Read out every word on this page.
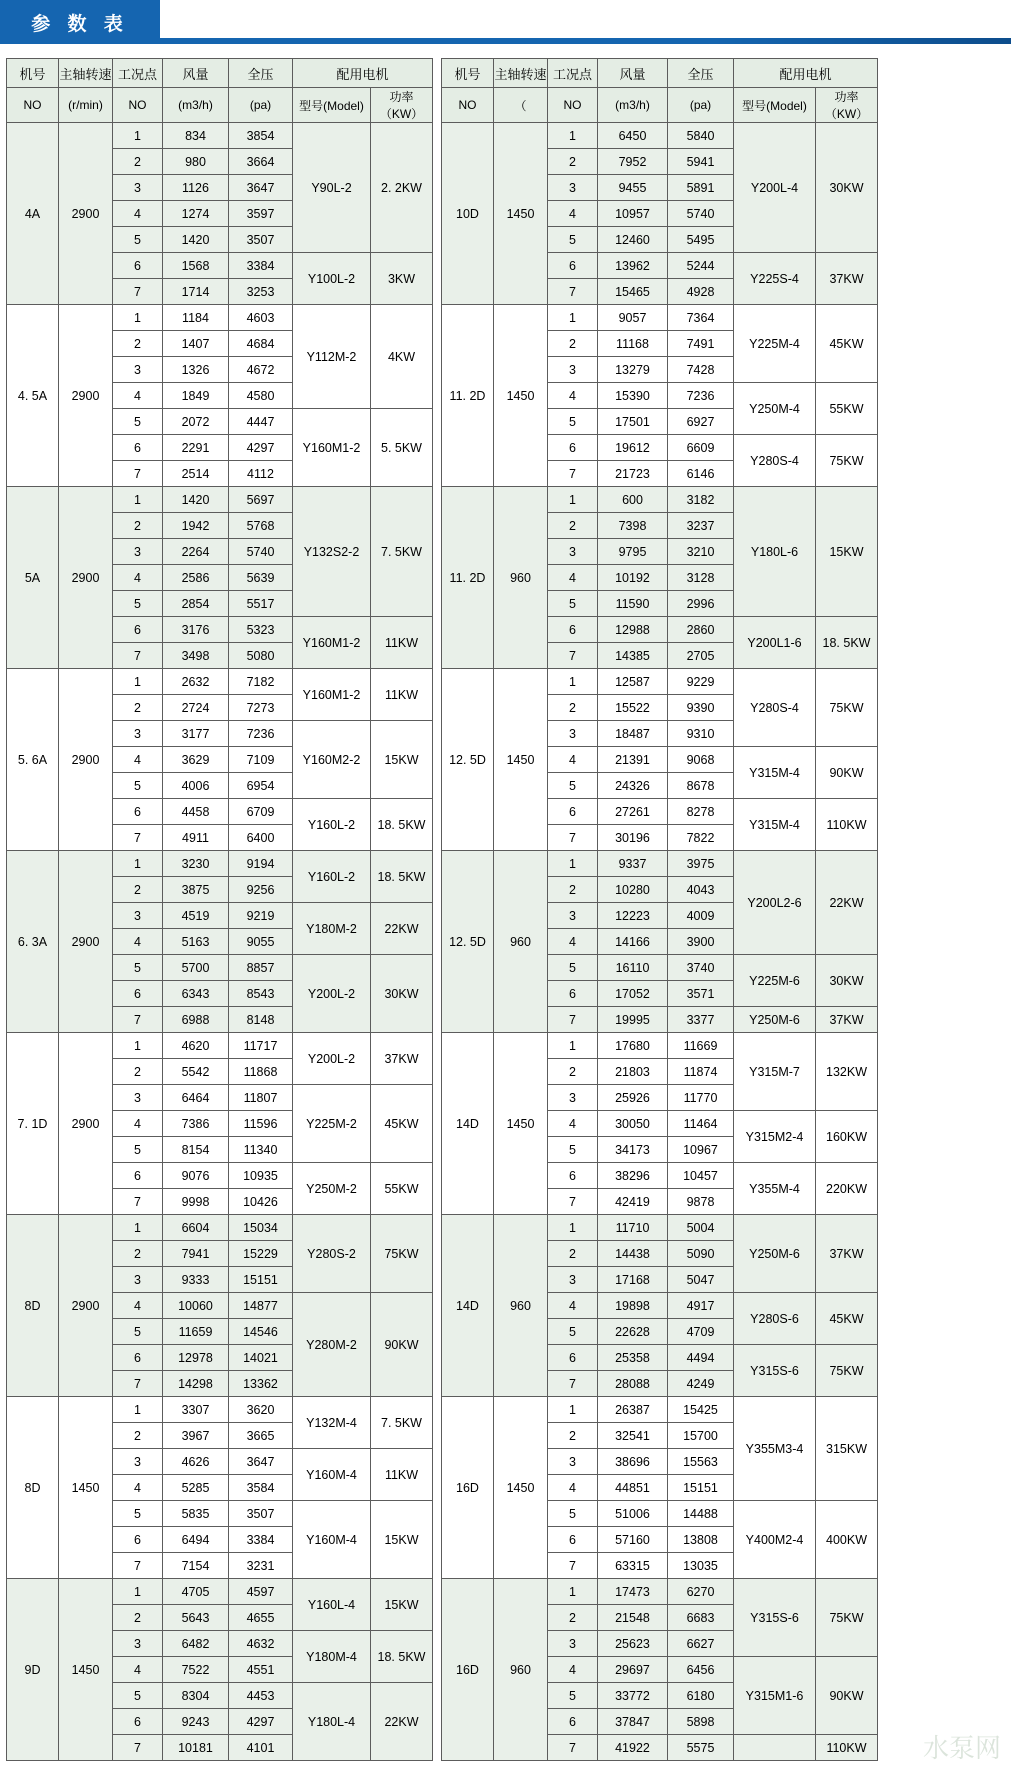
参 数 表
机号	主轴转速	工况点	风量	全压	配用电机	
NO	(r/min)	NO	(m3/h)	(pa)	型号(Model)	功率（KW）
4A	2900	1	834	3854	Y90L-2	2. 2KW
		2	980	3664		
		3	1126	3647		
		4	1274	3597		
		5	1420	3507		
		6	1568	3384	Y100L-2	3KW
		7	1714	3253		
4. 5A	2900	1	1184	4603	Y112M-2	4KW
		2	1407	4684		
		3	1326	4672		
		4	1849	4580		
		5	2072	4447	Y160M1-2	5. 5KW
		6	2291	4297		
		7	2514	4112		
5A	2900	1	1420	5697	Y132S2-2	7. 5KW
		2	1942	5768		
		3	2264	5740		
		4	2586	5639		
		5	2854	5517		
		6	3176	5323	Y160M1-2	11KW
		7	3498	5080		
5. 6A	2900	1	2632	7182	Y160M1-2	11KW
		2	2724	7273		
		3	3177	7236	Y160M2-2	15KW
		4	3629	7109		
		5	4006	6954		
		6	4458	6709	Y160L-2	18. 5KW
		7	4911	6400		
6. 3A	2900	1	3230	9194	Y160L-2	18. 5KW
		2	3875	9256		
		3	4519	9219	Y180M-2	22KW
		4	5163	9055		
		5	5700	8857	Y200L-2	30KW
		6	6343	8543		
		7	6988	8148		
7. 1D	2900	1	4620	11717	Y200L-2	37KW
		2	5542	11868		
		3	6464	11807	Y225M-2	45KW
		4	7386	11596		
		5	8154	11340		
		6	9076	10935	Y250M-2	55KW
		7	9998	10426		
8D	2900	1	6604	15034	Y280S-2	75KW
		2	7941	15229		
		3	9333	15151		
		4	10060	14877	Y280M-2	90KW
		5	11659	14546		
		6	12978	14021		
		7	14298	13362		
8D	1450	1	3307	3620	Y132M-4	7. 5KW
		2	3967	3665		
		3	4626	3647	Y160M-4	11KW
		4	5285	3584		
		5	5835	3507	Y160M-4	15KW
		6	6494	3384		
		7	7154	3231		
9D	1450	1	4705	4597	Y160L-4	15KW
		2	5643	4655		
		3	6482	4632	Y180M-4	18. 5KW
		4	7522	4551		
		5	8304	4453	Y180L-4	22KW
		6	9243	4297		
		7	10181	4101		
机号	主轴转速	工况点	风量	全压	配用电机	
NO	（	NO	(m3/h)	(pa)	型号(Model)	功率（KW）
10D	1450	1	6450	5840	Y200L-4	30KW
		2	7952	5941		
		3	9455	5891		
		4	10957	5740		
		5	12460	5495		
		6	13962	5244	Y225S-4	37KW
		7	15465	4928		
11. 2D	1450	1	9057	7364	Y225M-4	45KW
		2	11168	7491		
		3	13279	7428		
		4	15390	7236	Y250M-4	55KW
		5	17501	6927		
		6	19612	6609	Y280S-4	75KW
		7	21723	6146		
11. 2D	960	1	600	3182	Y180L-6	15KW
		2	7398	3237		
		3	9795	3210		
		4	10192	3128		
		5	11590	2996		
		6	12988	2860	Y200L1-6	18. 5KW
		7	14385	2705		
12. 5D	1450	1	12587	9229	Y280S-4	75KW
		2	15522	9390		
		3	18487	9310		
		4	21391	9068	Y315M-4	90KW
		5	24326	8678		
		6	27261	8278	Y315M-4	110KW
		7	30196	7822		
12. 5D	960	1	9337	3975	Y200L2-6	22KW
		2	10280	4043		
		3	12223	4009		
		4	14166	3900		
		5	16110	3740	Y225M-6	30KW
		6	17052	3571		
		7	19995	3377	Y250M-6	37KW
14D	1450	1	17680	11669	Y315M-7	132KW
		2	21803	11874		
		3	25926	11770		
		4	30050	11464	Y315M2-4	160KW
		5	34173	10967		
		6	38296	10457	Y355M-4	220KW
		7	42419	9878		
14D	960	1	11710	5004	Y250M-6	37KW
		2	14438	5090		
		3	17168	5047		
		4	19898	4917	Y280S-6	45KW
		5	22628	4709		
		6	25358	4494	Y315S-6	75KW
		7	28088	4249		
16D	1450	1	26387	15425	Y355M3-4	315KW
		2	32541	15700		
		3	38696	15563		
		4	44851	15151		
		5	51006	14488	Y400M2-4	400KW
		6	57160	13808		
		7	63315	13035		
16D	960	1	17473	6270	Y315S-6	75KW
		2	21548	6683		
		3	25623	6627		
		4	29697	6456	Y315M1-6	90KW
		5	33772	6180		
		6	37847	5898		
		7	41922	5575		110KW 水泵网
